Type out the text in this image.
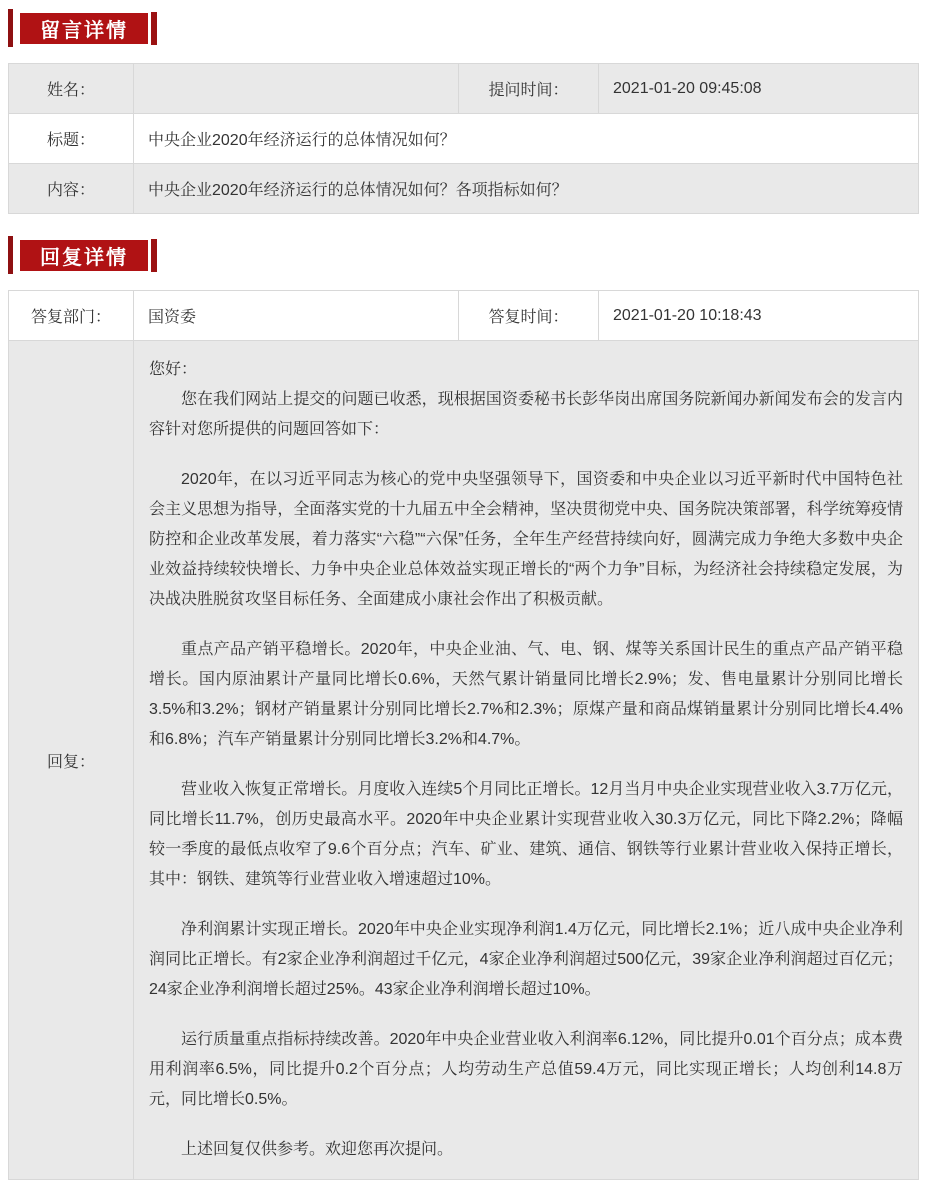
留言详情
姓名：		提问时间：	2021-01-20 09:45:08
标题：	中央企业2020年经济运行的总体情况如何？		
内容：	中央企业2020年经济运行的总体情况如何？各项指标如何？		
回复详情
答复部门：	国资委	答复时间：	2021-01-20 10:18:43
回复：	

您好：

您在我们网站上提交的问题已收悉，现根据国资委秘书长彭华岗出席国务院新闻办新闻发布会的发言内容针对您所提供的问题回答如下：

2020年，在以习近平同志为核心的党中央坚强领导下，国资委和中央企业以习近平新时代中国特色社会主义思想为指导，全面落实党的十九届五中全会精神，坚决贯彻党中央、国务院决策部署，科学统筹疫情防控和企业改革发展，着力落实“六稳”“六保”任务，全年生产经营持续向好，圆满完成力争绝大多数中央企业效益持续较快增长、力争中央企业总体效益实现正增长的“两个力争”目标，为经济社会持续稳定发展，为决战决胜脱贫攻坚目标任务、全面建成小康社会作出了积极贡献。

重点产品产销平稳增长。2020年，中央企业油、气、电、钢、煤等关系国计民生的重点产品产销平稳增长。国内原油累计产量同比增长0.6%，天然气累计销量同比增长2.9%；发、售电量累计分别同比增长3.5%和3.2%；钢材产销量累计分别同比增长2.7%和2.3%；原煤产量和商品煤销量累计分别同比增长4.4%和6.8%；汽车产销量累计分别同比增长3.2%和4.7%。

营业收入恢复正常增长。月度收入连续5个月同比正增长。12月当月中央企业实现营业收入3.7万亿元，同比增长11.7%，创历史最高水平。2020年中央企业累计实现营业收入30.3万亿元，同比下降2.2%；降幅较一季度的最低点收窄了9.6个百分点；汽车、矿业、建筑、通信、钢铁等行业累计营业收入保持正增长，其中：钢铁、建筑等行业营业收入增速超过10%。

净利润累计实现正增长。2020年中央企业实现净利润1.4万亿元，同比增长2.1%；近八成中央企业净利润同比正增长。有2家企业净利润超过千亿元，4家企业净利润超过500亿元，39家企业净利润超过百亿元；24家企业净利润增长超过25%。43家企业净利润增长超过10%。

运行质量重点指标持续改善。2020年中央企业营业收入利润率6.12%，同比提升0.01个百分点；成本费用利润率6.5%，同比提升0.2个百分点；人均劳动生产总值59.4万元，同比实现正增长；人均创利14.8万元，同比增长0.5%。

上述回复仅供参考。欢迎您再次提问。
